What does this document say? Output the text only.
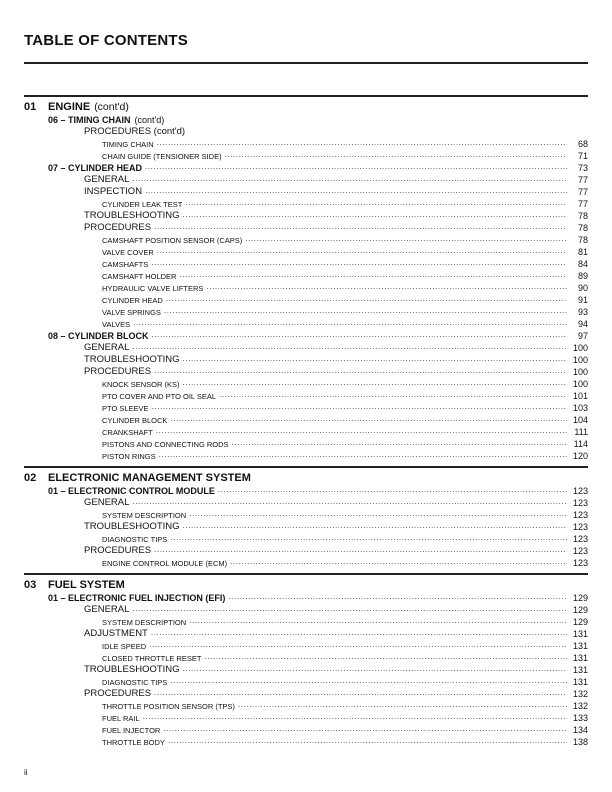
TABLE OF CONTENTS
01	ENGINE (cont'd)
06 – TIMING CHAIN (cont'd)
PROCEDURES (cont'd)
TIMING CHAIN .....	68
CHAIN GUIDE (TENSIONER SIDE) .....	71
07 – CYLINDER HEAD .....	73
GENERAL .....	77
INSPECTION .....	77
CYLINDER LEAK TEST .....	77
TROUBLESHOOTING .....	78
PROCEDURES .....	78
CAMSHAFT POSITION SENSOR (CAPS) .....	78
VALVE COVER .....	81
CAMSHAFTS .....	84
CAMSHAFT HOLDER .....	89
HYDRAULIC VALVE LIFTERS .....	90
CYLINDER HEAD .....	91
VALVE SPRINGS .....	93
VALVES .....	94
08 – CYLINDER BLOCK .....	97
GENERAL .....	100
TROUBLESHOOTING .....	100
PROCEDURES .....	100
KNOCK SENSOR (KS) .....	100
PTO COVER AND PTO OIL SEAL .....	101
PTO SLEEVE .....	103
CYLINDER BLOCK .....	104
CRANKSHAFT .....	111
PISTONS AND CONNECTING RODS .....	114
PISTON RINGS .....	120
02	ELECTRONIC MANAGEMENT SYSTEM
01 – ELECTRONIC CONTROL MODULE .....	123
GENERAL .....	123
SYSTEM DESCRIPTION .....	123
TROUBLESHOOTING .....	123
DIAGNOSTIC TIPS .....	123
PROCEDURES .....	123
ENGINE CONTROL MODULE (ECM) .....	123
03	FUEL SYSTEM
01 – ELECTRONIC FUEL INJECTION (EFI) .....	129
GENERAL .....	129
SYSTEM DESCRIPTION .....	129
ADJUSTMENT .....	131
IDLE SPEED .....	131
CLOSED THROTTLE RESET .....	131
TROUBLESHOOTING .....	131
DIAGNOSTIC TIPS .....	131
PROCEDURES .....	132
THROTTLE POSITION SENSOR (TPS) .....	132
FUEL RAIL .....	133
FUEL INJECTOR .....	134
THROTTLE BODY .....	138
ii
